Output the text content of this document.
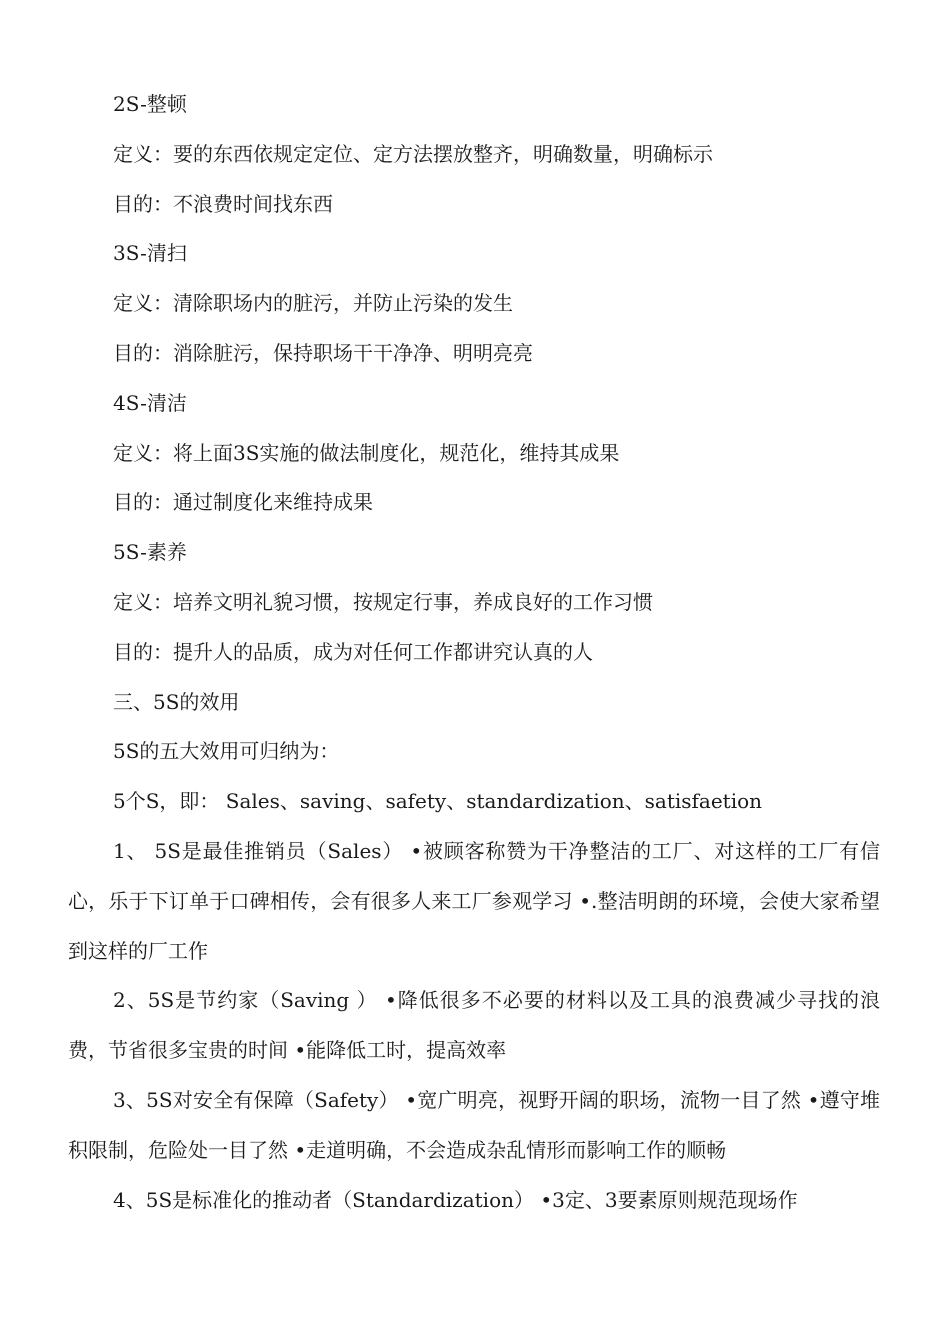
2S-整顿

定义：要的东西依规定定位、定方法摆放整齐，明确数量，明确标示

目的：不浪费时间找东西

3S-清扫

定义：清除职场内的脏污，并防止污染的发生

目的：消除脏污，保持职场干干净净、明明亮亮

4S-清洁

定义：将上面3S实施的做法制度化，规范化，维持其成果

目的：通过制度化来维持成果

5S-素养

定义：培养文明礼貌习惯，按规定行事，养成良好的工作习惯

目的：提升人的品质，成为对任何工作都讲究认真的人

三、5S的效用

5S的五大效用可归纳为：

5个S，即： Sales、saving、safety、standardization、satisfaetion

1、 5S是最佳推销员（Sales） •被顾客称赞为干净整洁的工厂、对这样的工厂有信心，乐于下订单于口碑相传，会有很多人来工厂参观学习 •.整洁明朗的环境，会使大家希望到这样的厂工作

2、5S是节约家（Saving ） •降低很多不必要的材料以及工具的浪费减少寻找的浪费，节省很多宝贵的时间 •能降低工时，提高效率

3、5S对安全有保障（Safety） •宽广明亮，视野开阔的职场，流物一目了然 •遵守堆积限制，危险处一目了然 •走道明确，不会造成杂乱情形而影响工作的顺畅

4、5S是标准化的推动者（Standardization） •3定、3要素原则规范现场作
